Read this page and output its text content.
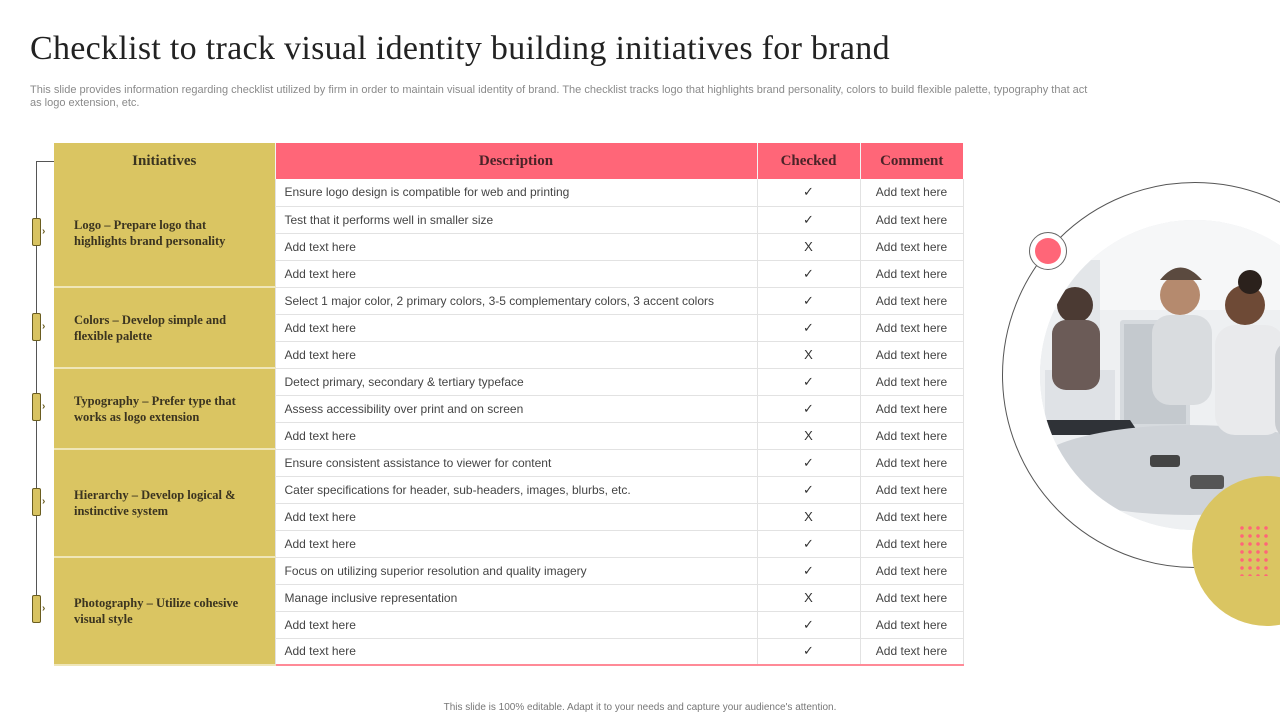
Checklist to track visual identity building initiatives for brand
This slide provides information regarding checklist utilized by firm in order to maintain visual identity of brand. The checklist tracks logo that highlights brand personality, colors to build flexible palette, typography that act as logo extension, etc.
›
›
›
›
›
Initiatives	Description	Checked	Comment
Logo – Prepare logo that highlights brand personality	Ensure logo design is compatible for web and printing	✓	Add text here
	Test that it performs well in smaller size	✓	Add text here
	Add text here	X	Add text here
	Add text here	✓	Add text here
Colors – Develop simple and flexible palette	Select 1 major color, 2 primary colors, 3-5 complementary colors, 3 accent colors	✓	Add text here
	Add text here	✓	Add text here
	Add text here	X	Add text here
Typography – Prefer type that works as logo extension	Detect primary, secondary & tertiary typeface	✓	Add text here
	Assess accessibility over print and on screen	✓	Add text here
	Add text here	X	Add text here
Hierarchy – Develop logical & instinctive system	Ensure consistent assistance to viewer for content	✓	Add text here
	Cater specifications for header, sub-headers, images, blurbs, etc.	✓	Add text here
	Add text here	X	Add text here
	Add text here	✓	Add text here
Photography – Utilize cohesive visual style	Focus on utilizing superior resolution and quality imagery	✓	Add text here
	Manage inclusive representation	X	Add text here
	Add text here	✓	Add text here
	Add text here	✓	Add text here
This slide is 100% editable. Adapt it to your needs and capture your audience's attention.
